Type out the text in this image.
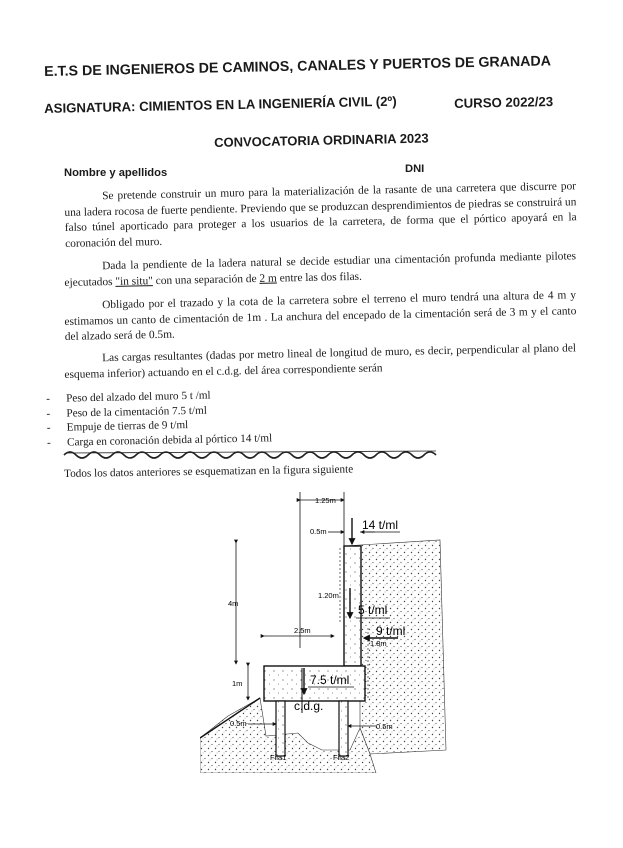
E.T.S DE INGENIEROS DE CAMINOS, CANALES Y PUERTOS DE GRANADA
ASIGNATURA: CIMIENTOS EN LA INGENIERÍA CIVIL (2º)	CURSO 2022/23
CONVOCATORIA ORDINARIA 2023
Nombre y apellidos	DNI
Se pretende construir un muro para la materialización de la rasante de una carretera que discurre por una ladera rocosa de fuerte pendiente. Previendo que se produzcan desprendimientos de piedras se construirá un falso túnel aporticado para proteger a los usuarios de la carretera, de forma que el pórtico apoyará en la coronación del muro.
Dada la pendiente de la ladera natural se decide estudiar una cimentación profunda mediante pilotes ejecutados "in situ" con una separación de 2 m entre las dos filas.
Obligado por el trazado y la cota de la carretera sobre el terreno el muro tendrá una altura de 4 m y estimamos un canto de cimentación de 1m . La anchura del encepado de la cimentación será de 3 m y el canto del alzado será de 0.5m.
Las cargas resultantes (dadas por metro lineal de longitud de muro, es decir, perpendicular al plano del esquema inferior) actuando en el c.d.g. del área correspondiente serán
- Peso del alzado del muro 5 t /ml
- Peso de la cimentación 7.5 t/ml
- Empuje de tierras de 9 t/ml
- Carga en coronación debida al pórtico 14 t/ml
Todos los datos anteriores se esquematizan en la figura siguiente
1.25m
0.5m	14 t/ml
4m
1.20m
5 t/ml
2.5m	9 t/ml
1.8m
1m	7.5 t/ml
c.d.g.
0.5m	0.5m
Fila1	Fila2
